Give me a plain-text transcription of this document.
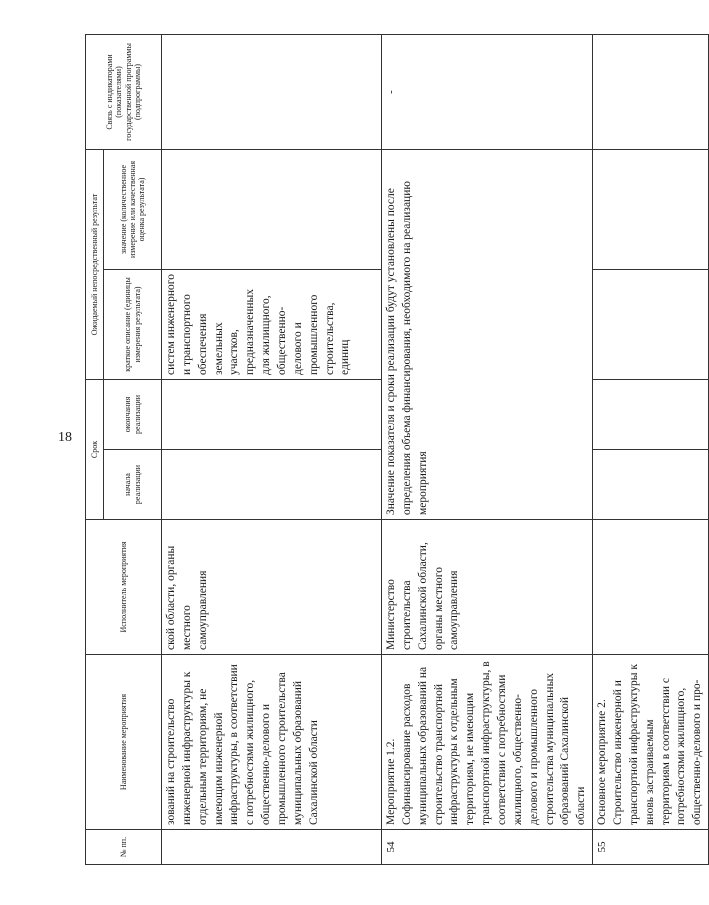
18
№ пп.	Наименование мероприятия	Исполнитель мероприятия	Срок		Ожидаемый непосредственный результат		Связь с индикаторами (показателями) государственной программы (подпрограммы)
			начала реализации	окончания реализации	краткое описание (единицы измерения результата)	значение (количественное измерение или качественная оценка результата)	
	зований на строительство инженерной инфраструктуры к отдельным территориям, не имеющим инженерной инфраструктуры, в соответствии с потребностями жилищного, общественно-делового и промышленного строительства муниципальных образований Сахалинской области	ской области, органы местного самоуправления			систем инженерного и транспортного обеспечения земельных участков, предназначенных для жилищного, общественно-делового и промышленного строительства, единиц		
54	Мероприятие 1.2. Софинансирование расходов муниципальных образований на строительство транспортной инфраструктуры к отдельным территориям, не имеющим транспортной инфраструктуры, в соответствии с потребностями жилищного, общественно-делового и промышленного строительства муниципальных образований Сахалинской области	Министерство строительства Сахалинской области, органы местного самоуправления	Значение показателя и сроки реализации будут установлены после определения объема финансирования, необходимого на реализацию мероприятия				-
55	Основное мероприятие 2. Строительство инженерной и транспортной инфраструктуры к вновь застраиваемым территориям в соответствии с потребностями жилищного, общественно-делового и про-						
